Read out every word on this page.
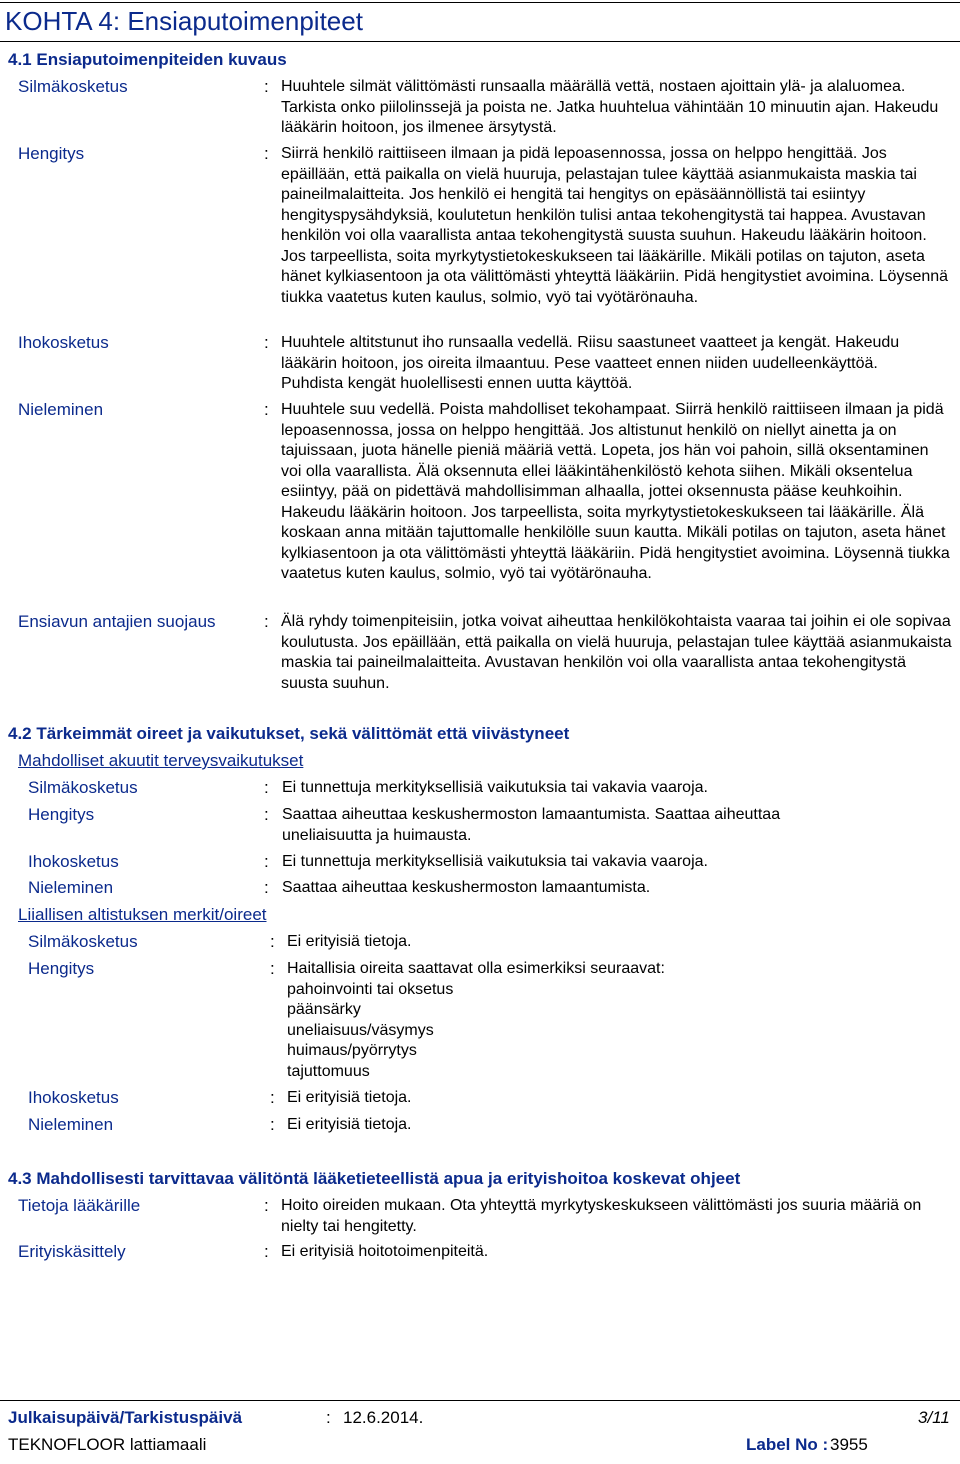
KOHTA 4: Ensiaputoimenpiteet
4.1 Ensiaputoimenpiteiden kuvaus
Silmäkosketus	: Huuhtele silmät välittömästi runsaalla määrällä vettä, nostaen ajoittain ylä- ja alaluomea. Tarkista onko piilolinssejä ja poista ne. Jatka huuhtelua vähintään 10 minuutin ajan. Hakeudu lääkärin hoitoon, jos ilmenee ärsytystä.
Hengitys	: Siirrä henkilö raittiiseen ilmaan ja pidä lepoasennossa, jossa on helppo hengittää. Jos epäillään, että paikalla on vielä huuruja, pelastajan tulee käyttää asianmukaista maskia tai paineilmalaitteita. Jos henkilö ei hengitä tai hengitys on epäsäännöllistä tai esiintyy hengityspysähdyksiä, koulutetun henkilön tulisi antaa tekohengitystä tai happea. Avustavan henkilön voi olla vaarallista antaa tekohengitystä suusta suuhun. Hakeudu lääkärin hoitoon. Jos tarpeellista, soita myrkytystietokeskukseen tai lääkärille. Mikäli potilas on tajuton, aseta hänet kylkiasentoon ja ota välittömästi yhteyttä lääkäriin. Pidä hengitystiet avoimina. Löysennä tiukka vaatetus kuten kaulus, solmio, vyö tai vyötärönauha.
Ihokosketus	: Huuhtele altitstunut iho runsaalla vedellä. Riisu saastuneet vaatteet ja kengät. Hakeudu lääkärin hoitoon, jos oireita ilmaantuu. Pese vaatteet ennen niiden uudelleenkäyttöä. Puhdista kengät huolellisesti ennen uutta käyttöä.
Nieleminen	: Huuhtele suu vedellä. Poista mahdolliset tekohampaat. Siirrä henkilö raittiiseen ilmaan ja pidä lepoasennossa, jossa on helppo hengittää. Jos altistunut henkilö on niellyt ainetta ja on tajuissaan, juota hänelle pieniä määriä vettä. Lopeta, jos hän voi pahoin, sillä oksentaminen voi olla vaarallista. Älä oksennuta ellei lääkintähenkilöstö kehota siihen. Mikäli oksentelua esiintyy, pää on pidettävä mahdollisimman alhaalla, jottei oksennusta pääse keuhkoihin. Hakeudu lääkärin hoitoon. Jos tarpeellista, soita myrkytystietokeskukseen tai lääkärille. Älä koskaan anna mitään tajuttomalle henkilölle suun kautta. Mikäli potilas on tajuton, aseta hänet kylkiasentoon ja ota välittömästi yhteyttä lääkäriin. Pidä hengitystiet avoimina. Löysennä tiukka vaatetus kuten kaulus, solmio, vyö tai vyötärönauha.
Ensiavun antajien suojaus	: Älä ryhdy toimenpiteisiin, jotka voivat aiheuttaa henkilökohtaista vaaraa tai joihin ei ole sopivaa koulutusta. Jos epäillään, että paikalla on vielä huuruja, pelastajan tulee käyttää asianmukaista maskia tai paineilmalaitteita. Avustavan henkilön voi olla vaarallista antaa tekohengitystä suusta suuhun.
4.2 Tärkeimmät oireet ja vaikutukset, sekä välittömät että viivästyneet
Mahdolliset akuutit terveysvaikutukset
Silmäkosketus	: Ei tunnettuja merkityksellisiä vaikutuksia tai vakavia vaaroja.
Hengitys	: Saattaa aiheuttaa keskushermoston lamaantumista. Saattaa aiheuttaa uneliaisuutta ja huimausta.
Ihokosketus	: Ei tunnettuja merkityksellisiä vaikutuksia tai vakavia vaaroja.
Nieleminen	: Saattaa aiheuttaa keskushermoston lamaantumista.
Liiallisen altistuksen merkit/oireet
Silmäkosketus	: Ei erityisiä tietoja.
Hengitys	: Haitallisia oireita saattavat olla esimerkiksi seuraavat:

pahoinvointi tai oksetus

päänsärky

uneliaisuus/väsymys

huimaus/pyörrytys

tajuttomuus

Ihokosketus	: Ei erityisiä tietoja.
Nieleminen	: Ei erityisiä tietoja.
4.3 Mahdollisesti tarvittavaa välitöntä lääketieteellistä apua ja erityishoitoa koskevat ohjeet
Tietoja lääkärille	: Hoito oireiden mukaan. Ota yhteyttä myrkytyskeskukseen välittömästi jos suuria määriä on nielty tai hengitetty.
Erityiskäsittely	: Ei erityisiä hoitotoimenpiteitä.
Julkaisupäivä/Tarkistuspäivä	: 12.6.2014.	3/11
TEKNOFLOOR lattiamaali	Label No : 3955
